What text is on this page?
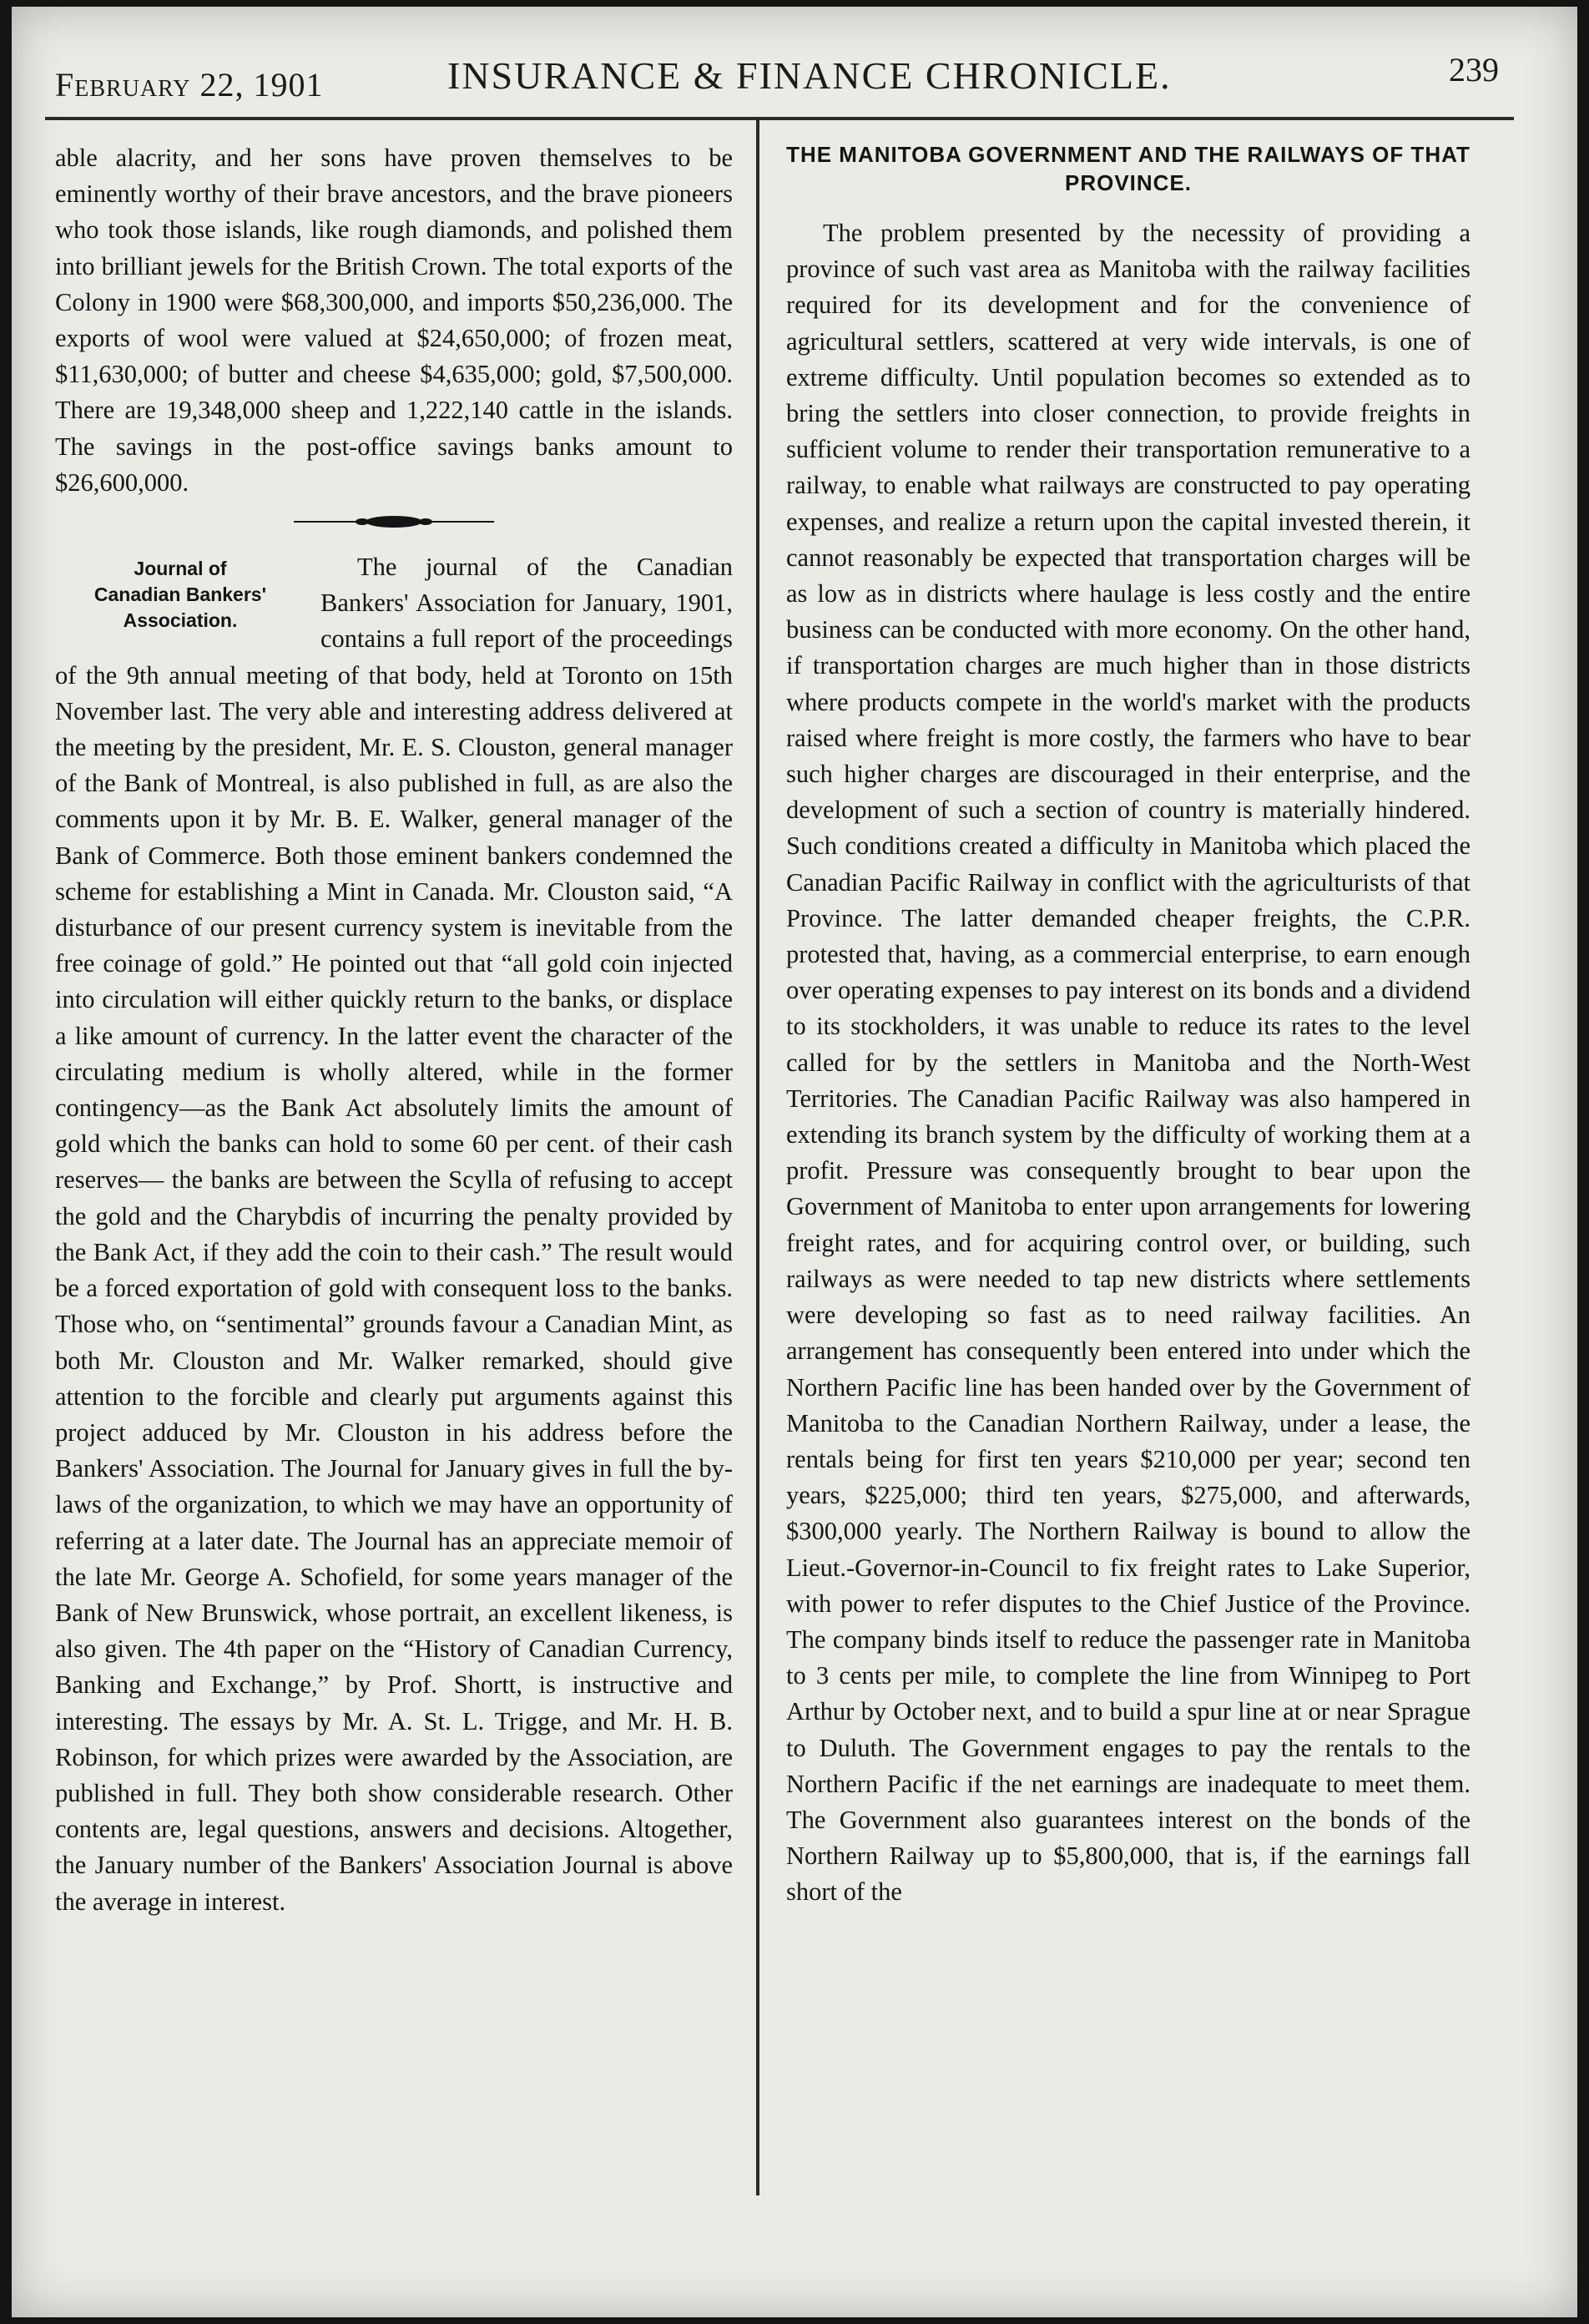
February 22, 1901	INSURANCE & FINANCE CHRONICLE.	239

able alacrity, and her sons have proven themselves to be eminently worthy of their brave ancestors, and the brave pioneers who took those islands, like rough diamonds, and polished them into brilliant jewels for the British Crown. The total exports of the Colony in 1900 were $68,300,000, and imports $50,236,000. The exports of wool were valued at $24,650,000; of frozen meat, $11,630,000; of butter and cheese $4,635,000; gold, $7,500,000. There are 19,348,000 sheep and 1,222,140 cattle in the islands. The savings in the post-office savings banks amount to $26,600,000.

Journal of
Canadian Bankers'
Association.

The journal of the Canadian Bankers' Association for January, 1901, contains a full report of the proceedings of the 9th annual meeting of that body, held at Toronto on 15th November last. The very able and interesting address delivered at the meeting by the president, Mr. E. S. Clouston, general manager of the Bank of Montreal, is also published in full, as are also the comments upon it by Mr. B. E. Walker, general manager of the Bank of Commerce. Both those eminent bankers condemned the scheme for establishing a Mint in Canada. Mr. Clouston said, “A disturbance of our present currency system is inevitable from the free coinage of gold.” He pointed out that “all gold coin injected into circulation will either quickly return to the banks, or displace a like amount of currency. In the latter event the character of the circulating medium is wholly altered, while in the former contingency—as the Bank Act absolutely limits the amount of gold which the banks can hold to some 60 per cent. of their cash reserves— the banks are between the Scylla of refusing to accept the gold and the Charybdis of incurring the penalty provided by the Bank Act, if they add the coin to their cash.” The result would be a forced exportation of gold with consequent loss to the banks. Those who, on “sentimental” grounds favour a Canadian Mint, as both Mr. Clouston and Mr. Walker remarked, should give attention to the forcible and clearly put arguments against this project adduced by Mr. Clouston in his address before the Bankers' Association. The Journal for January gives in full the by-laws of the organization, to which we may have an opportunity of referring at a later date. The Journal has an appreciate memoir of the late Mr. George A. Schofield, for some years manager of the Bank of New Brunswick, whose portrait, an excellent likeness, is also given. The 4th paper on the “History of Canadian Currency, Banking and Exchange,” by Prof. Shortt, is instructive and interesting. The essays by Mr. A. St. L. Trigge, and Mr. H. B. Robinson, for which prizes were awarded by the Association, are published in full. They both show considerable research. Other contents are, legal questions, answers and decisions. Altogether, the January number of the Bankers' Association Journal is above the average in interest.

THE MANITOBA GOVERNMENT AND THE RAILWAYS OF THAT PROVINCE.

The problem presented by the necessity of providing a province of such vast area as Manitoba with the railway facilities required for its development and for the convenience of agricultural settlers, scattered at very wide intervals, is one of extreme difficulty. Until population becomes so extended as to bring the settlers into closer connection, to provide freights in sufficient volume to render their transportation remunerative to a railway, to enable what railways are constructed to pay operating expenses, and realize a return upon the capital invested therein, it cannot reasonably be expected that transportation charges will be as low as in districts where haulage is less costly and the entire business can be conducted with more economy. On the other hand, if transportation charges are much higher than in those districts where products compete in the world's market with the products raised where freight is more costly, the farmers who have to bear such higher charges are discouraged in their enterprise, and the development of such a section of country is materially hindered. Such conditions created a difficulty in Manitoba which placed the Canadian Pacific Railway in conflict with the agriculturists of that Province. The latter demanded cheaper freights, the C.P.R. protested that, having, as a commercial enterprise, to earn enough over operating expenses to pay interest on its bonds and a dividend to its stockholders, it was unable to reduce its rates to the level called for by the settlers in Manitoba and the North-West Territories. The Canadian Pacific Railway was also hampered in extending its branch system by the difficulty of working them at a profit. Pressure was consequently brought to bear upon the Government of Manitoba to enter upon arrangements for lowering freight rates, and for acquiring control over, or building, such railways as were needed to tap new districts where settlements were developing so fast as to need railway facilities. An arrangement has consequently been entered into under which the Northern Pacific line has been handed over by the Government of Manitoba to the Canadian Northern Railway, under a lease, the rentals being for first ten years $210,000 per year; second ten years, $225,000; third ten years, $275,000, and afterwards, $300,000 yearly. The Northern Railway is bound to allow the Lieut.-Governor-in-Council to fix freight rates to Lake Superior, with power to refer disputes to the Chief Justice of the Province. The company binds itself to reduce the passenger rate in Manitoba to 3 cents per mile, to complete the line from Winnipeg to Port Arthur by October next, and to build a spur line at or near Sprague to Duluth. The Government engages to pay the rentals to the Northern Pacific if the net earnings are inadequate to meet them. The Government also guarantees interest on the bonds of the Northern Railway up to $5,800,000, that is, if the earnings fall short of the
